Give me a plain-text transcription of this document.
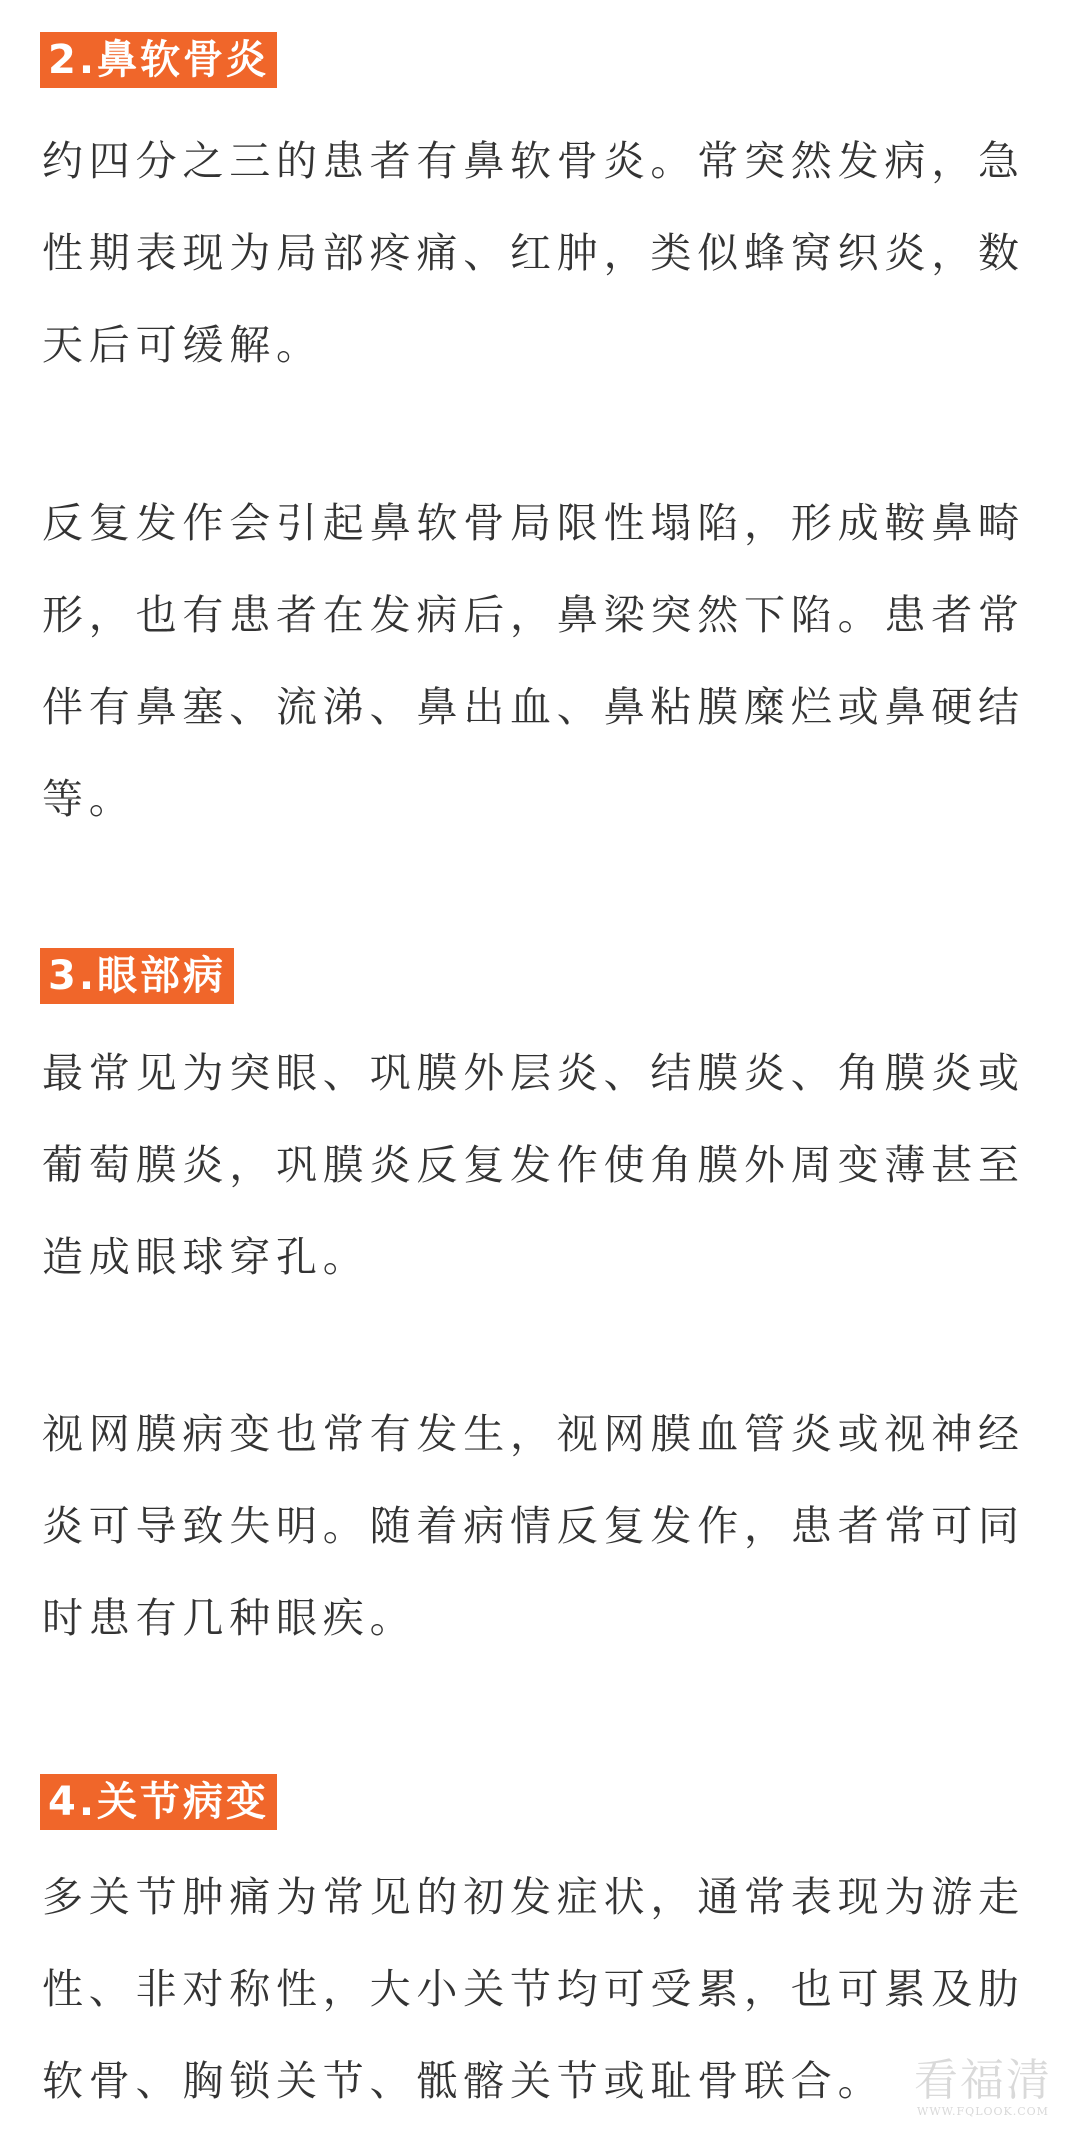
2.鼻软骨炎

约四分之三的患者有鼻软骨炎。常突然发病，急性期表现为局部疼痛、红肿，类似蜂窝织炎，数天后可缓解。

反复发作会引起鼻软骨局限性塌陷，形成鞍鼻畸形，也有患者在发病后，鼻梁突然下陷。患者常伴有鼻塞、流涕、鼻出血、鼻粘膜糜烂或鼻硬结等。

3.眼部病

最常见为突眼、巩膜外层炎、结膜炎、角膜炎或葡萄膜炎，巩膜炎反复发作使角膜外周变薄甚至造成眼球穿孔。

视网膜病变也常有发生，视网膜血管炎或视神经炎可导致失明。随着病情反复发作，患者常可同时患有几种眼疾。

4.关节病变

多关节肿痛为常见的初发症状，通常表现为游走性、非对称性，大小关节均可受累，也可累及肋软骨、胸锁关节、骶髂关节或耻骨联合。 看福清
WWW.FQLOOK.COM
